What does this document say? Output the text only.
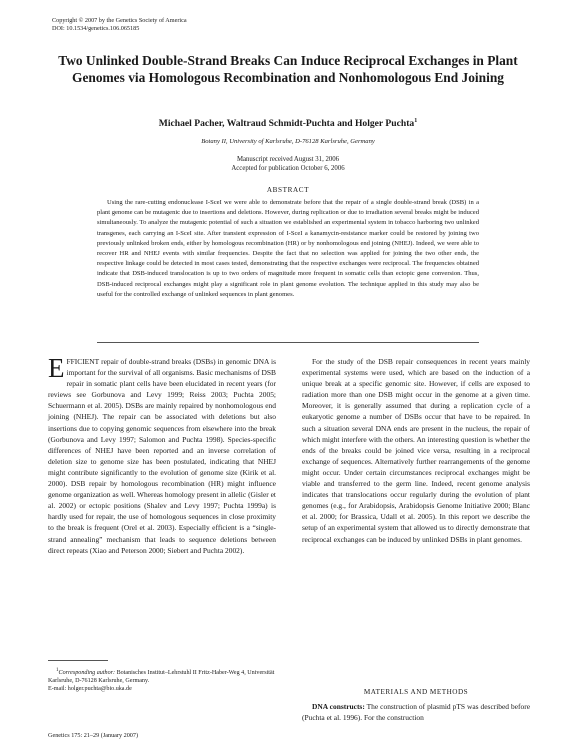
Copyright © 2007 by the Genetics Society of America
DOI: 10.1534/genetics.106.065185
Two Unlinked Double-Strand Breaks Can Induce Reciprocal Exchanges in Plant Genomes via Homologous Recombination and Nonhomologous End Joining
Michael Pacher, Waltraud Schmidt-Puchta and Holger Puchta$^1$
Botany II, University of Karlsruhe, D-76128 Karlsruhe, Germany
Manuscript received August 31, 2006
Accepted for publication October 6, 2006
ABSTRACT
Using the rare-cutting endonuclease I-SceI we were able to demonstrate before that the repair of a single double-strand break (DSB) in a plant genome can be mutagenic due to insertions and deletions. However, during replication or due to irradiation several breaks might be induced simultaneously. To analyze the mutagenic potential of such a situation we established an experimental system in tobacco harboring two unlinked transgenes, each carrying an I-SceI site. After transient expression of I-SceI a kanamycin-resistance marker could be restored by joining two previously unlinked broken ends, either by homologous recombination (HR) or by nonhomologous end joining (NHEJ). Indeed, we were able to recover HR and NHEJ events with similar frequencies. Despite the fact that no selection was applied for joining the two other ends, the respective linkage could be detected in most cases tested, demonstrating that the respective exchanges were reciprocal. The frequencies obtained indicate that DSB-induced translocation is up to two orders of magnitude more frequent in somatic cells than ectopic gene conversion. Thus, DSB-induced reciprocal exchanges might play a significant role in plant genome evolution. The technique applied in this study may also be useful for the controlled exchange of unlinked sequences in plant genomes.
EFFICIENT repair of double-strand breaks (DSBs) in genomic DNA is important for the survival of all organisms. Basic mechanisms of DSB repair in somatic plant cells have been elucidated in recent years (for reviews see Gorbunova and Levy 1999; Reiss 2003; Puchta 2005; Schuermann et al. 2005). DSBs are mainly repaired by nonhomologous end joining (NHEJ). The repair can be associated with deletions but also insertions due to copying genomic sequences from elsewhere into the break (Gorbunova and Levy 1997; Salomon and Puchta 1998). Species-specific differences of NHEJ have been reported and an inverse correlation of deletion size to genome size has been postulated, indicating that NHEJ might contribute significantly to the evolution of genome size (Kirik et al. 2000). DSB repair by homologous recombination (HR) might influence genome organization as well. Whereas homology present in allelic (Gisler et al. 2002) or ectopic positions (Shalev and Levy 1997; Puchta 1999a) is hardly used for repair, the use of homologous sequences in close proximity to the break is frequent (Orel et al. 2003). Especially efficient is a “single-strand annealing” mechanism that leads to sequence deletions between direct repeats (Xiao and Peterson 2000; Siebert and Puchta 2002).
For the study of the DSB repair consequences in recent years mainly experimental systems were used, which are based on the induction of a unique break at a specific genomic site. However, if cells are exposed to radiation more than one DSB might occur in the genome at a given time. Moreover, it is generally assumed that during a replication cycle of a eukaryotic genome a number of DSBs occur that have to be repaired. In such a situation several DNA ends are present in the nucleus, the repair of which might interfere with the others. An interesting question is whether the ends of the breaks could be joined vice versa, resulting in a reciprocal exchange of sequences. Alternatively further rearrangements of the genome might occur. Under certain circumstances reciprocal exchanges might be viable and transferred to the germ line. Indeed, recent genome analysis indicates that translocations occur regularly during the evolution of plant genomes (e.g., for Arabidopsis, Arabidopsis Genome Initiative 2000; Blanc et al. 2000; for Brassica, Udall et al. 2005). In this report we describe the setup of an experimental system that allowed us to directly demonstrate that reciprocal exchanges can be induced by unlinked DSBs in plant genomes.
$^1$Corresponding author: Botanisches Institut–Lehrstuhl II Fritz-Haber-Weg 4, Universität Karlsruhe, D-76128 Karlsruhe, Germany.
E-mail: holger.puchta@bio.uka.de	MATERIALS AND METHODS
DNA constructs: The construction of plasmid pTS was described before (Puchta et al. 1996). For the construction
Genetics 175: 21–29 (January 2007)
